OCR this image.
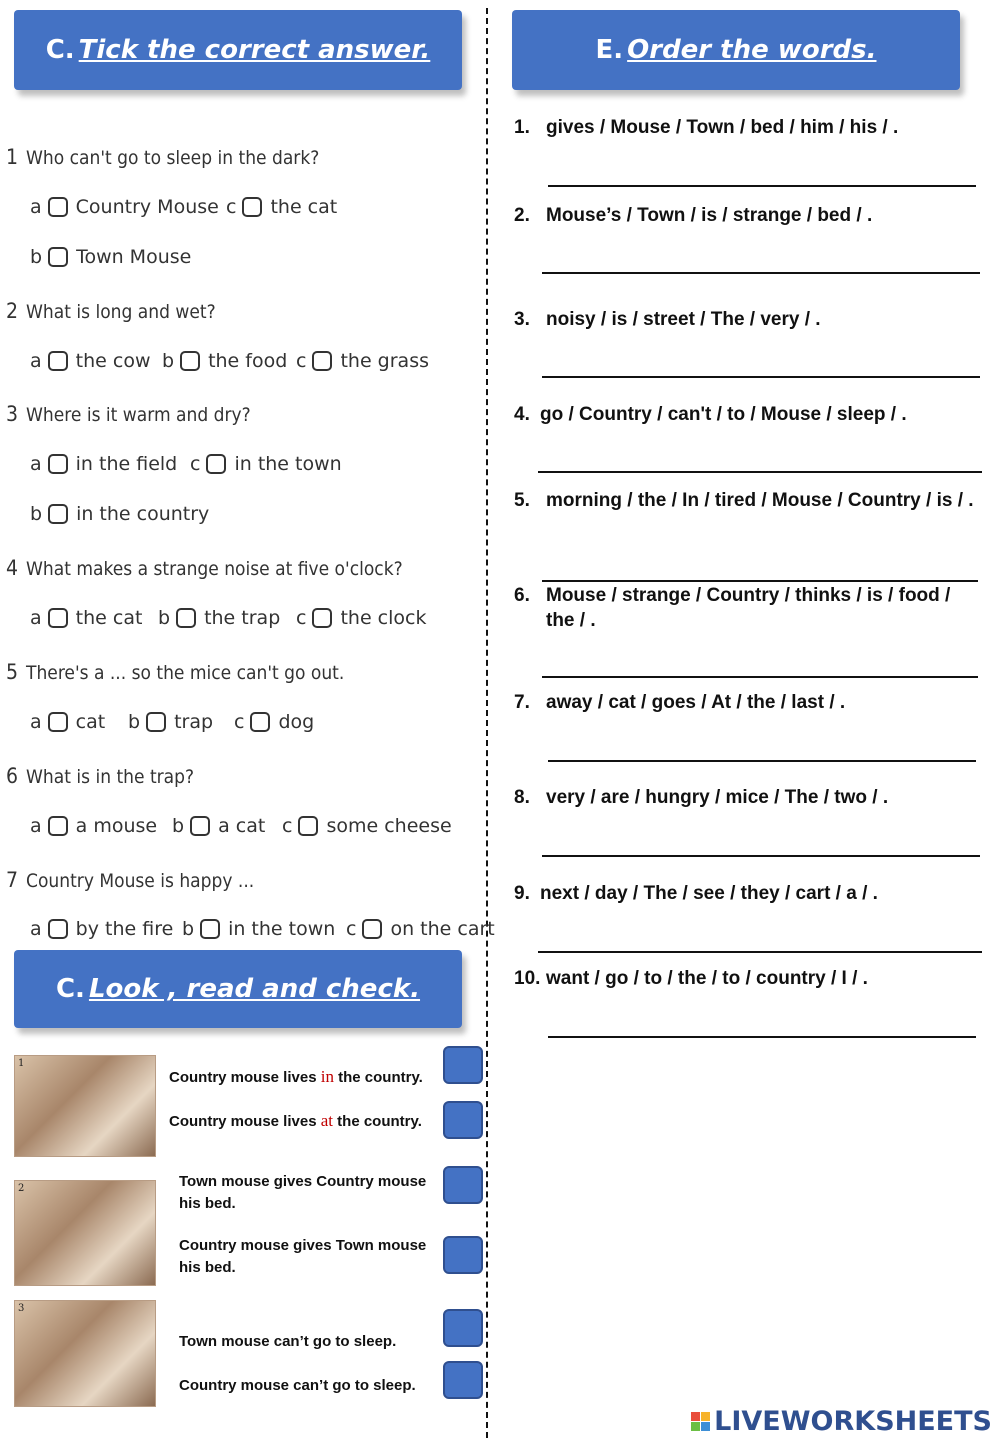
C. Tick the correct answer.	E. Order the words.
C. Look , read and check.
1 Who can't go to sleep in the dark?
a Country Mouse c the cat
b Town Mouse
2 What is long and wet?
a the cow b the food c the grass
3 Where is it warm and dry?
a in the field c in the town
b in the country
4 What makes a strange noise at five o'clock?
a the cat b the trap c the clock
5 There's a ... so the mice can't go out.
a cat b trap c dog
6 What is in the trap?
a a mouse b a cat c some cheese
7 Country Mouse is happy ...
a by the fire b in the town c on the cart
1. gives / Mouse / Town / bed / him / his / .
2. Mouse’s / Town / is / strange / bed / .
3. noisy / is / street / The / very / .
4. go / Country / can't / to / Mouse / sleep / .
5. morning / the / In / tired / Mouse / Country / is / .
6. Mouse / strange / Country / thinks / is / food / the / .
7. away / cat / goes / At / the / last / .
8. very / are / hungry / mice / The / two / .
9. next / day / The / see / they / cart / a / .
10. want / go / to / the / to / country / I / .
1
2
3
Country mouse lives in the country.
Country mouse lives at the country.
Town mouse gives Country mouse his bed.
Country mouse gives Town mouse his bed.
Town mouse can’t go to sleep.
Country mouse can’t go to sleep.
LIVEWORKSHEETS
